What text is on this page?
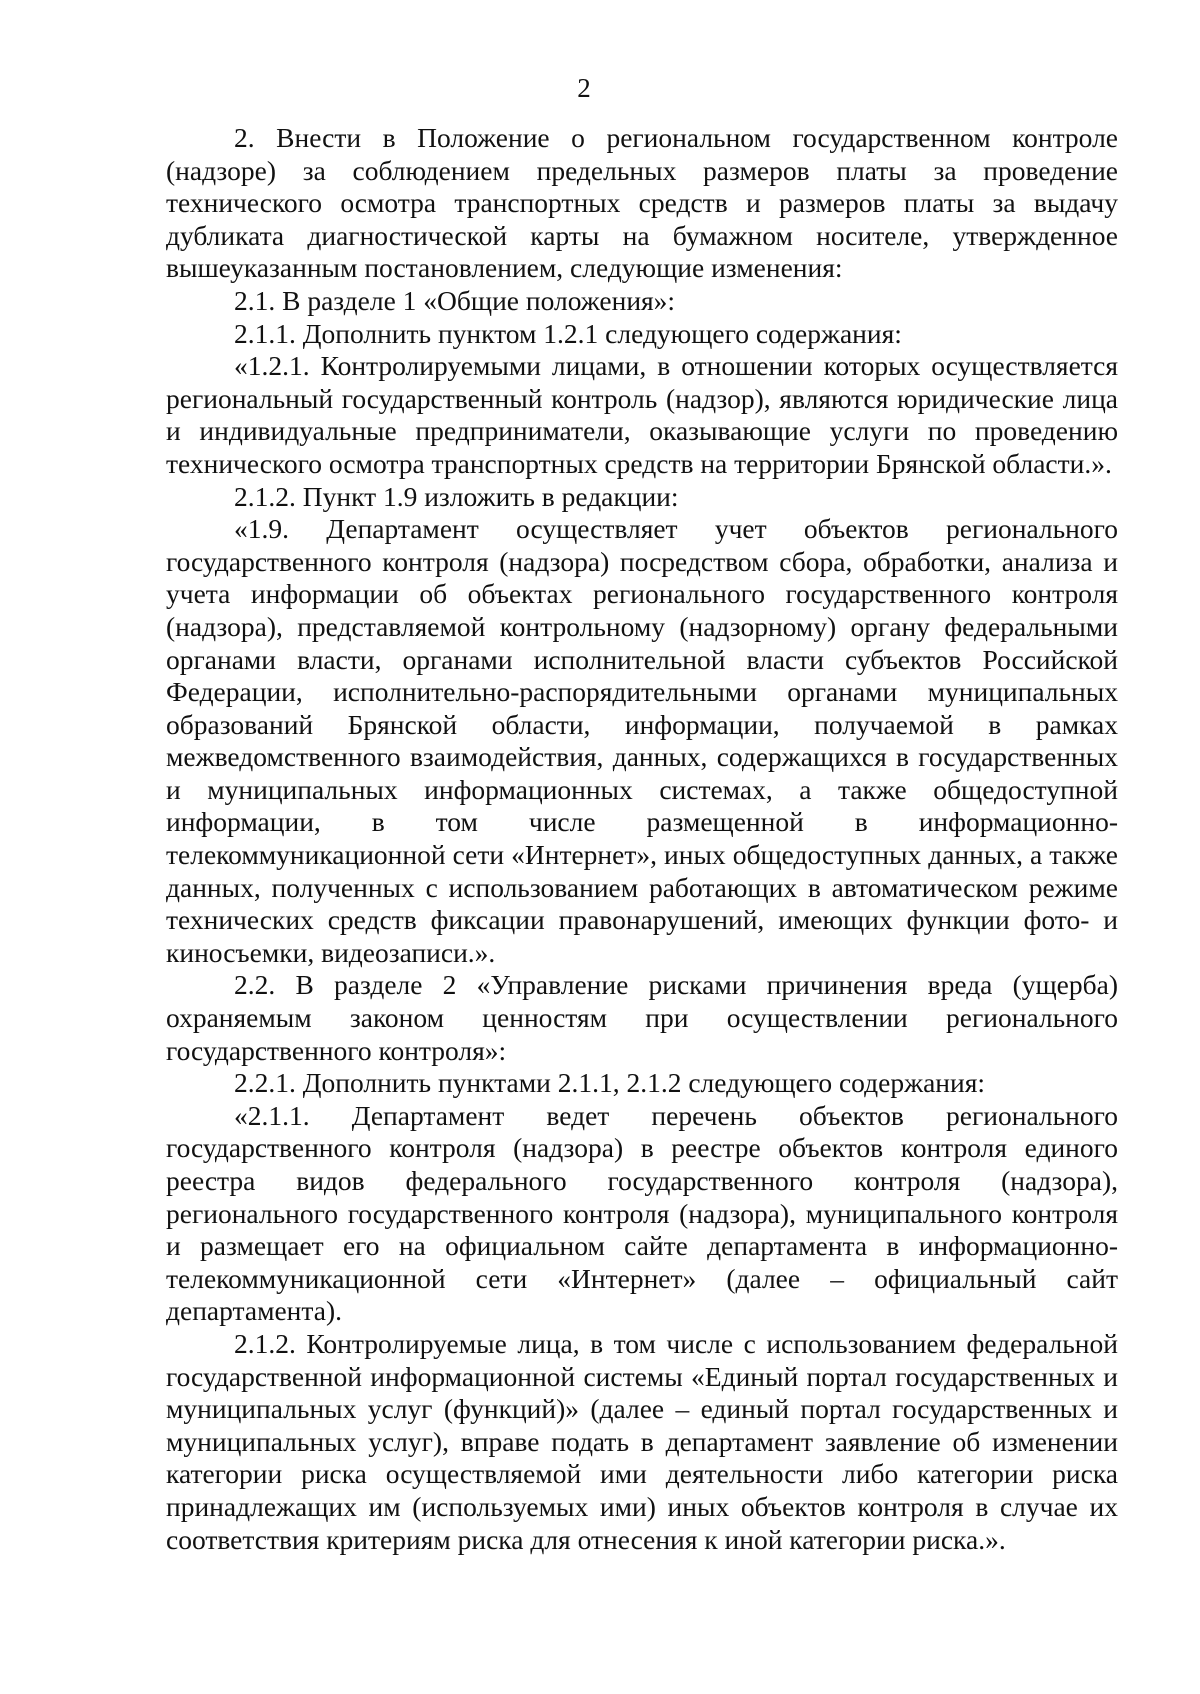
2

2. Внести в Положение о региональном государственном контроле (надзоре) за соблюдением предельных размеров платы за проведение технического осмотра транспортных средств и размеров платы за выдачу дубликата диагностической карты на бумажном носителе, утвержденное вышеуказанным постановлением, следующие изменения:

2.1. В разделе 1 «Общие положения»:

2.1.1. Дополнить пунктом 1.2.1 следующего содержания:

«1.2.1. Контролируемыми лицами, в отношении которых осуществляется региональный государственный контроль (надзор), являются юридические лица и индивидуальные предприниматели, оказывающие услуги по проведению технического осмотра транспортных средств на территории Брянской области.».

2.1.2. Пункт 1.9 изложить в редакции:

«1.9. Департамент осуществляет учет объектов регионального государственного контроля (надзора) посредством сбора, обработки, анализа и учета информации об объектах регионального государственного контроля (надзора), представляемой контрольному (надзорному) органу федеральными органами власти, органами исполнительной власти субъектов Российской Федерации, исполнительно-распорядительными органами муниципальных образований Брянской области, информации, получаемой в рамках межведомственного взаимодействия, данных, содержащихся в государственных и муниципальных информационных системах, а также общедоступной информации, в том числе размещенной в информационно-телекоммуникационной сети «Интернет», иных общедоступных данных, а также данных, полученных с использованием работающих в автоматическом режиме технических средств фиксации правонарушений, имеющих функции фото- и киносъемки, видеозаписи.».

2.2. В разделе 2 «Управление рисками причинения вреда (ущерба) охраняемым законом ценностям при осуществлении регионального государственного контроля»:

2.2.1. Дополнить пунктами 2.1.1, 2.1.2 следующего содержания:

«2.1.1. Департамент ведет перечень объектов регионального государственного контроля (надзора) в реестре объектов контроля единого реестра видов федерального государственного контроля (надзора), регионального государственного контроля (надзора), муниципального контроля и размещает его на официальном сайте департамента в информационно-телекоммуникационной сети «Интернет» (далее – официальный сайт департамента).

2.1.2. Контролируемые лица, в том числе с использованием федеральной государственной информационной системы «Единый портал государственных и муниципальных услуг (функций)» (далее – единый портал государственных и муниципальных услуг), вправе подать в департамент заявление об изменении категории риска осуществляемой ими деятельности либо категории риска принадлежащих им (используемых ими) иных объектов контроля в случае их соответствия критериям риска для отнесения к иной категории риска.».
